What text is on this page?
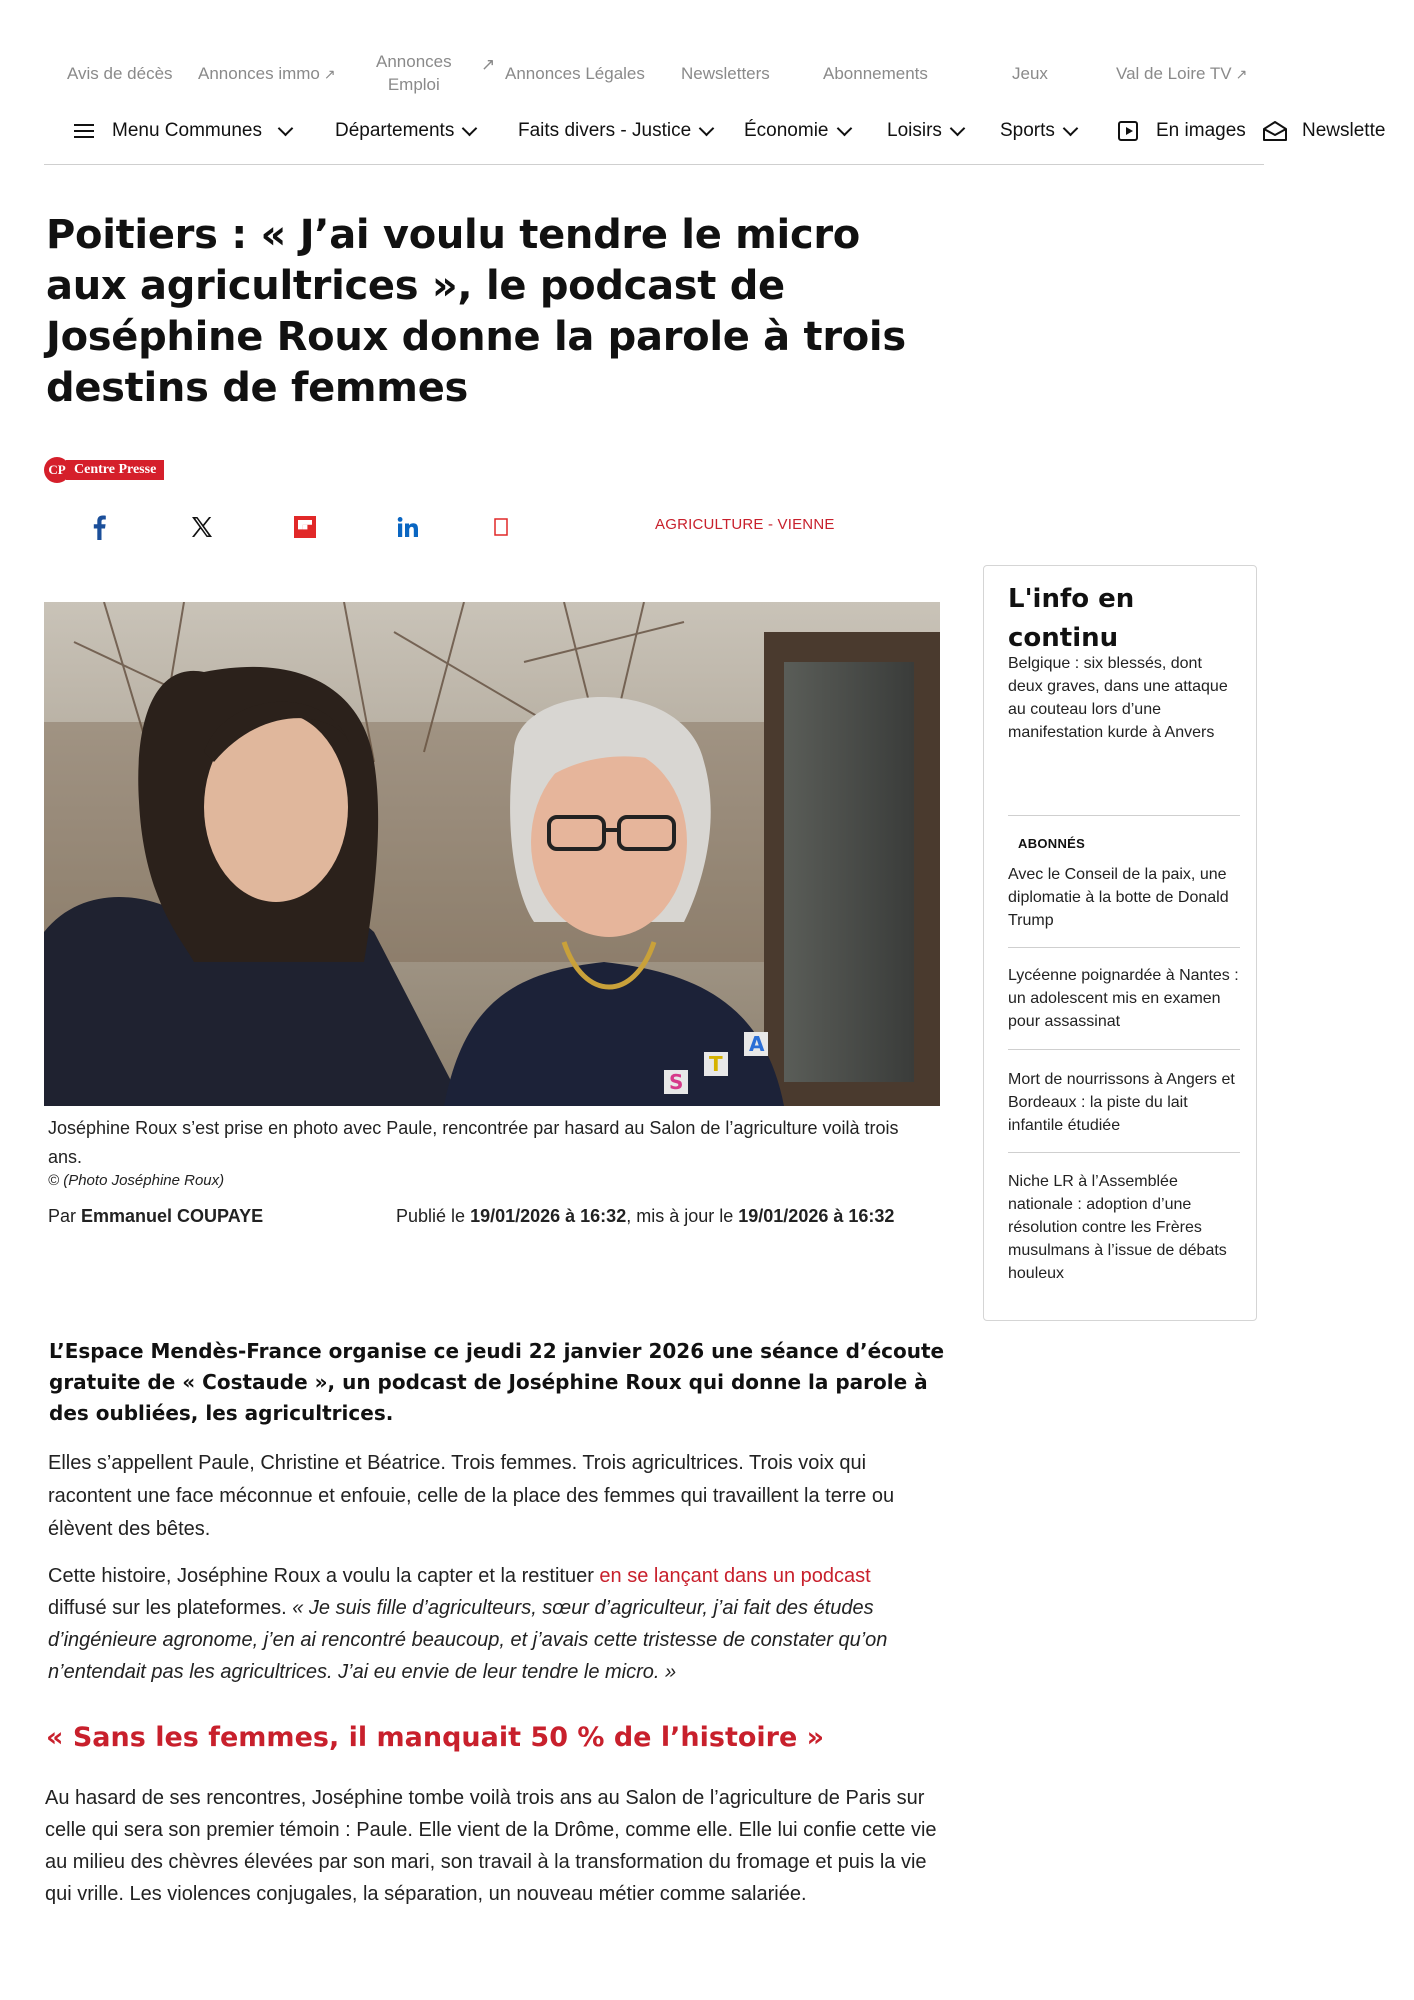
Avis de décès Annonces immo ↗
Annonces
Emploi
↗ Annonces Légales Newsletters	Abonnements	Jeux	Val de Loire TV ↗
Menu Communes	Départements	Faits divers - Justice	Économie	Loisirs	Sports	En images	Newslette
Poitiers : « J’ai voulu tendre le micro aux agricultrices », le podcast de Joséphine Roux donne la parole à trois destins de femmes
CP Centre Presse
AGRICULTURE - VIENNE
A
T
S
Joséphine Roux s’est prise en photo avec Paule, rencontrée par hasard au Salon de l’agriculture voilà trois ans.
© (Photo Joséphine Roux)
Par Emmanuel COUPAYE	Publié le 19/01/2026 à 16:32, mis à jour le 19/01/2026 à 16:32

L’Espace Mendès-France organise ce jeudi 22 janvier 2026 une séance d’écoute gratuite de « Costaude », un podcast de Joséphine Roux qui donne la parole à des oubliées, les agricultrices.

Elles s’appellent Paule, Christine et Béatrice. Trois femmes. Trois agricultrices. Trois voix qui racontent une face méconnue et enfouie, celle de la place des femmes qui travaillent la terre ou élèvent des bêtes.

Cette histoire, Joséphine Roux a voulu la capter et la restituer en se lançant dans un podcast diffusé sur les plateformes. « Je suis fille d’agriculteurs, sœur d’agriculteur, j’ai fait des études d’ingénieure agronome, j’en ai rencontré beaucoup, et j’avais cette tristesse de constater qu’on n’entendait pas les agricultrices. J’ai eu envie de leur tendre le micro. »

« Sans les femmes, il manquait 50 % de l’histoire »

Au hasard de ses rencontres, Joséphine tombe voilà trois ans au Salon de l’agriculture de Paris sur celle qui sera son premier témoin : Paule. Elle vient de la Drôme, comme elle. Elle lui confie cette vie au milieu des chèvres élevées par son mari, son travail à la transformation du fromage et puis la vie qui vrille. Les violences conjugales, la séparation, un nouveau métier comme salariée.

L'info en continu
Belgique : six blessés, dont deux graves, dans une attaque au couteau lors d’une manifestation kurde à Anvers
ABONNÉS
Avec le Conseil de la paix, une diplomatie à la botte de Donald Trump
Lycéenne poignardée à Nantes : un adolescent mis en examen pour assassinat
Mort de nourrissons à Angers et Bordeaux : la piste du lait infantile étudiée
Niche LR à l’Assemblée nationale : adoption d’une résolution contre les Frères musulmans à l’issue de débats houleux
